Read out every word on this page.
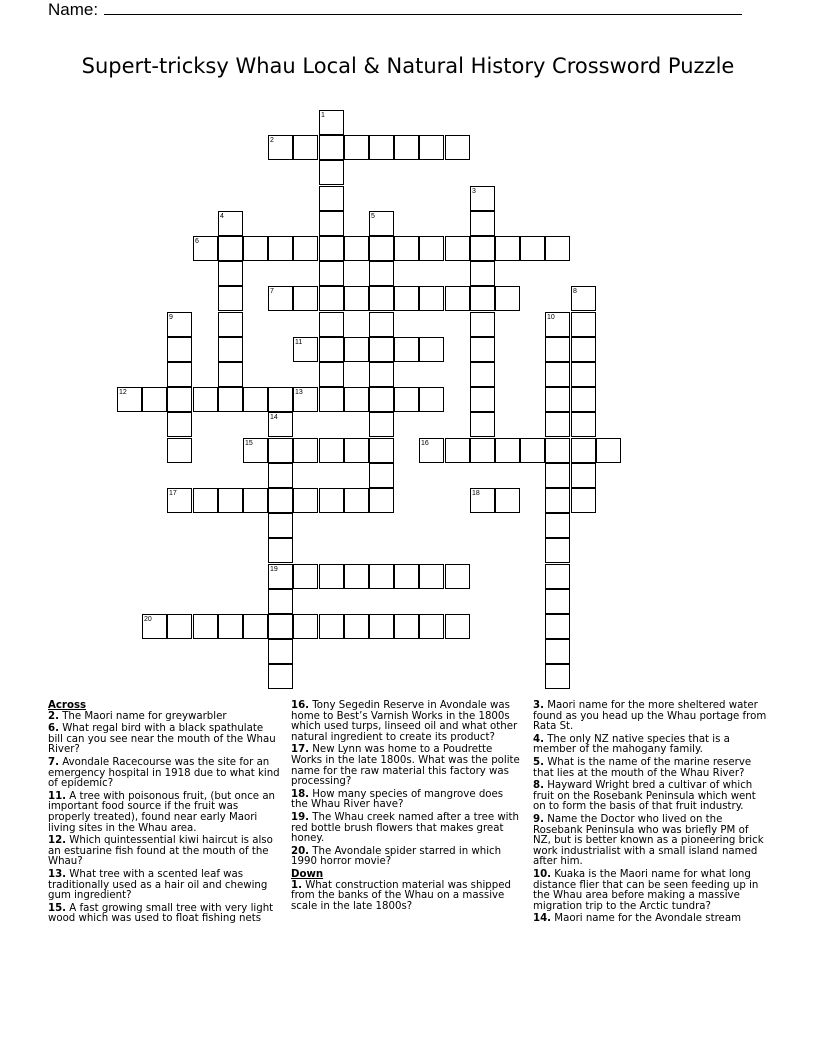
Name:
Supert-tricksy Whau Local & Natural History Crossword Puzzle
1
2
3
4	5
6
7	8
9	10
11
12	13
14
19
15	16
17	18
20
Across
2. The Maori name for greywarbler
6. What regal bird with a black spathulate bill can you see near the mouth of the Whau River?
7. Avondale Racecourse was the site for an emergency hospital in 1918 due to what kind of epidemic?
11. A tree with poisonous fruit, (but once an important food source if the fruit was properly treated), found near early Maori living sites in the Whau area.
12. Which quintessential kiwi haircut is also an estuarine fish found at the mouth of the Whau?
13. What tree with a scented leaf was traditionally used as a hair oil and chewing gum ingredient?
15. A fast growing small tree with very light wood which was used to float fishing nets
16. Tony Segedin Reserve in Avondale was home to Best’s Varnish Works in the 1800s which used turps, linseed oil and what other natural ingredient to create its product?
17. New Lynn was home to a Poudrette Works in the late 1800s. What was the polite name for the raw material this factory was processing?
18. How many species of mangrove does the Whau River have?
19. The Whau creek named after a tree with red bottle brush flowers that makes great honey.
20. The Avondale spider starred in which 1990 horror movie?
Down
1. What construction material was shipped from the banks of the Whau on a massive scale in the late 1800s?
3. Maori name for the more sheltered water found as you head up the Whau portage from Rata St.
4. The only NZ native species that is a member of the mahogany family.
5. What is the name of the marine reserve that lies at the mouth of the Whau River?
8. Hayward Wright bred a cultivar of which fruit on the Rosebank Peninsula which went on to form the basis of that fruit industry.
9. Name the Doctor who lived on the Rosebank Peninsula who was briefly PM of NZ, but is better known as a pioneering brick work industrialist with a small island named after him.
10. Kuaka is the Maori name for what long distance flier that can be seen feeding up in the Whau area before making a massive migration trip to the Arctic tundra?
14. Maori name for the Avondale stream
